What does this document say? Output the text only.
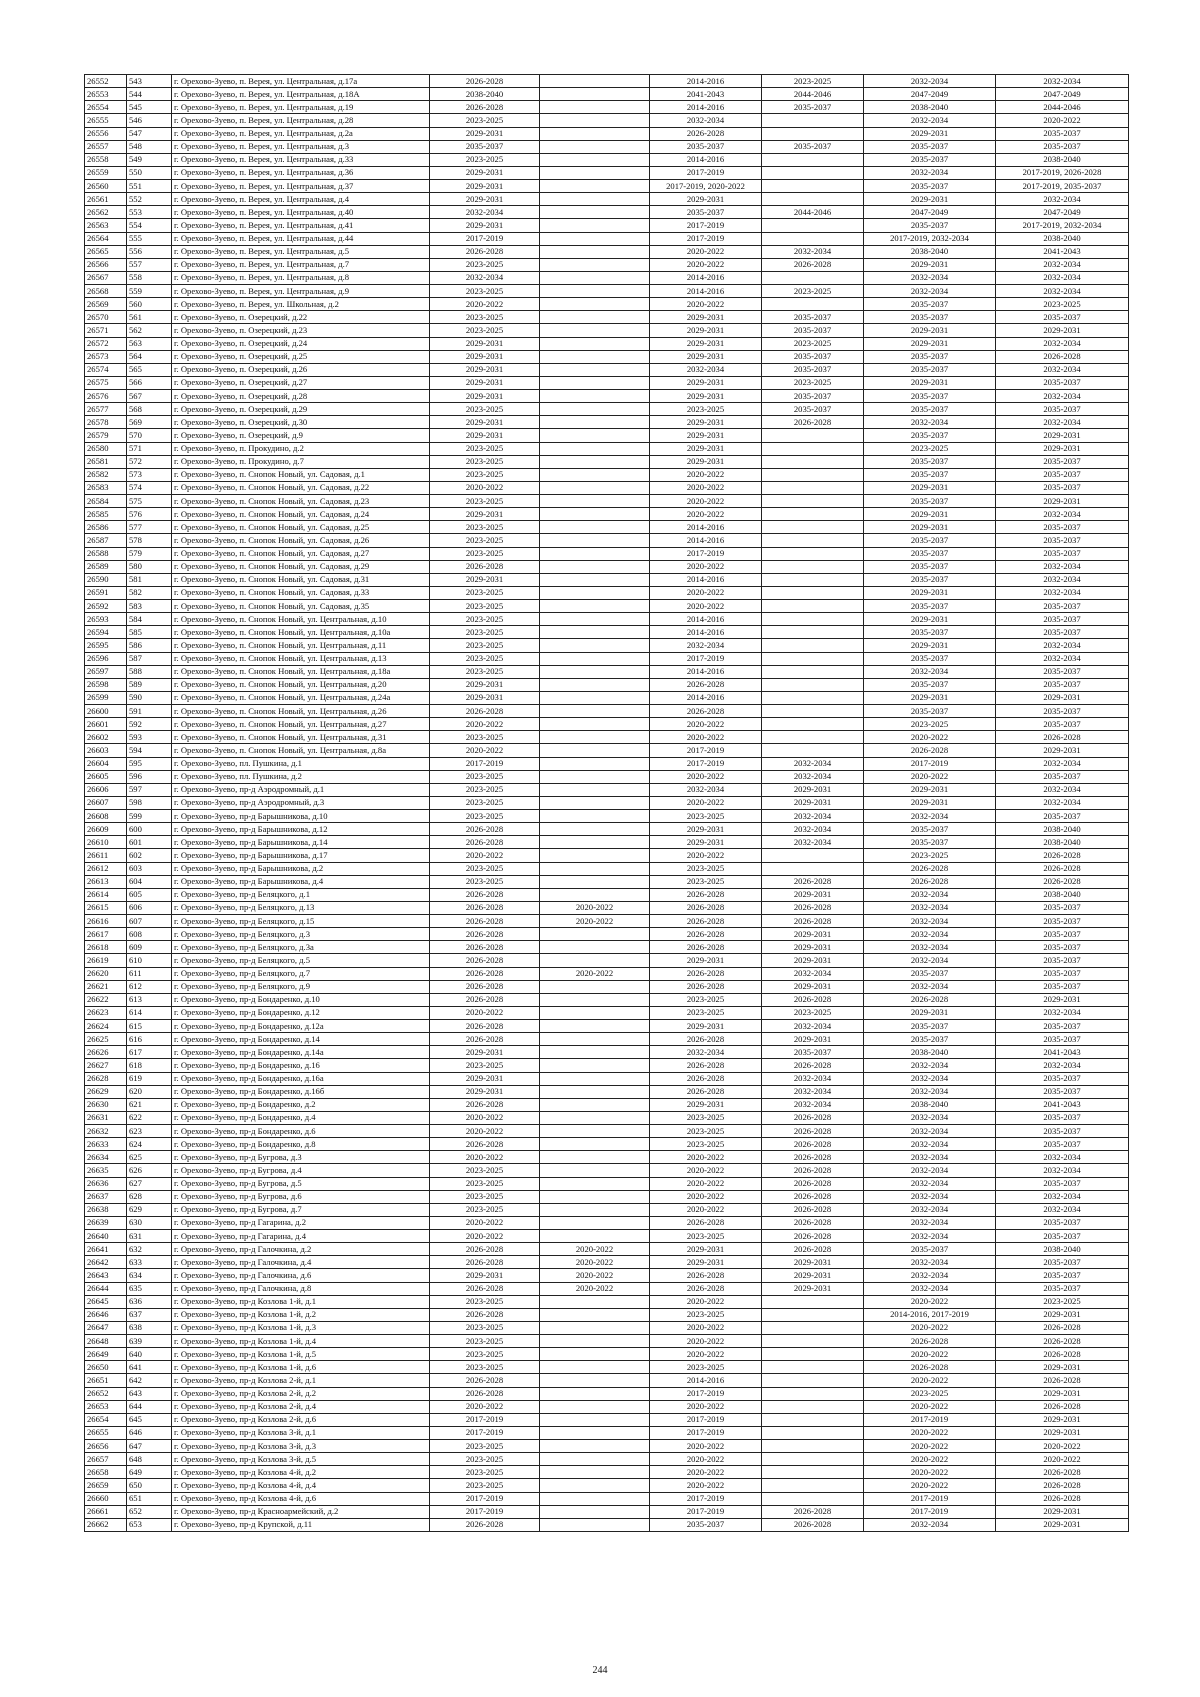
26552	543	г. Орехово-Зуево, п. Верея, ул. Центральная, д.17а	2026-2028		2014-2016	2023-2025	2032-2034	2032-2034
26553	544	г. Орехово-Зуево, п. Верея, ул. Центральная, д.18А	2038-2040		2041-2043	2044-2046	2047-2049	2047-2049
26554	545	г. Орехово-Зуево, п. Верея, ул. Центральная, д.19	2026-2028		2014-2016	2035-2037	2038-2040	2044-2046
26555	546	г. Орехово-Зуево, п. Верея, ул. Центральная, д.28	2023-2025		2032-2034		2032-2034	2020-2022
26556	547	г. Орехово-Зуево, п. Верея, ул. Центральная, д.2а	2029-2031		2026-2028		2029-2031	2035-2037
26557	548	г. Орехово-Зуево, п. Верея, ул. Центральная, д.3	2035-2037		2035-2037	2035-2037	2035-2037	2035-2037
26558	549	г. Орехово-Зуево, п. Верея, ул. Центральная, д.33	2023-2025		2014-2016		2035-2037	2038-2040
26559	550	г. Орехово-Зуево, п. Верея, ул. Центральная, д.36	2029-2031		2017-2019		2032-2034	2017-2019, 2026-2028
26560	551	г. Орехово-Зуево, п. Верея, ул. Центральная, д.37	2029-2031		2017-2019, 2020-2022		2035-2037	2017-2019, 2035-2037
26561	552	г. Орехово-Зуево, п. Верея, ул. Центральная, д.4	2029-2031		2029-2031		2029-2031	2032-2034
26562	553	г. Орехово-Зуево, п. Верея, ул. Центральная, д.40	2032-2034		2035-2037	2044-2046	2047-2049	2047-2049
26563	554	г. Орехово-Зуево, п. Верея, ул. Центральная, д.41	2029-2031		2017-2019		2035-2037	2017-2019, 2032-2034
26564	555	г. Орехово-Зуево, п. Верея, ул. Центральная, д.44	2017-2019		2017-2019		2017-2019, 2032-2034	2038-2040
26565	556	г. Орехово-Зуево, п. Верея, ул. Центральная, д.5	2026-2028		2020-2022	2032-2034	2038-2040	2041-2043
26566	557	г. Орехово-Зуево, п. Верея, ул. Центральная, д.7	2023-2025		2020-2022	2026-2028	2029-2031	2032-2034
26567	558	г. Орехово-Зуево, п. Верея, ул. Центральная, д.8	2032-2034		2014-2016		2032-2034	2032-2034
26568	559	г. Орехово-Зуево, п. Верея, ул. Центральная, д.9	2023-2025		2014-2016	2023-2025	2032-2034	2032-2034
26569	560	г. Орехово-Зуево, п. Верея, ул. Школьная, д.2	2020-2022		2020-2022		2035-2037	2023-2025
26570	561	г. Орехово-Зуево, п. Озерецкий, д.22	2023-2025		2029-2031	2035-2037	2035-2037	2035-2037
26571	562	г. Орехово-Зуево, п. Озерецкий, д.23	2023-2025		2029-2031	2035-2037	2029-2031	2029-2031
26572	563	г. Орехово-Зуево, п. Озерецкий, д.24	2029-2031		2029-2031	2023-2025	2029-2031	2032-2034
26573	564	г. Орехово-Зуево, п. Озерецкий, д.25	2029-2031		2029-2031	2035-2037	2035-2037	2026-2028
26574	565	г. Орехово-Зуево, п. Озерецкий, д.26	2029-2031		2032-2034	2035-2037	2035-2037	2032-2034
26575	566	г. Орехово-Зуево, п. Озерецкий, д.27	2029-2031		2029-2031	2023-2025	2029-2031	2035-2037
26576	567	г. Орехово-Зуево, п. Озерецкий, д.28	2029-2031		2029-2031	2035-2037	2035-2037	2032-2034
26577	568	г. Орехово-Зуево, п. Озерецкий, д.29	2023-2025		2023-2025	2035-2037	2035-2037	2035-2037
26578	569	г. Орехово-Зуево, п. Озерецкий, д.30	2029-2031		2029-2031	2026-2028	2032-2034	2032-2034
26579	570	г. Орехово-Зуево, п. Озерецкий, д.9	2029-2031		2029-2031		2035-2037	2029-2031
26580	571	г. Орехово-Зуево, п. Прокудино, д.2	2023-2025		2029-2031		2023-2025	2029-2031
26581	572	г. Орехово-Зуево, п. Прокудино, д.7	2023-2025		2029-2031		2035-2037	2035-2037
26582	573	г. Орехово-Зуево, п. Снопок Новый, ул. Садовая, д.1	2023-2025		2020-2022		2035-2037	2035-2037
26583	574	г. Орехово-Зуево, п. Снопок Новый, ул. Садовая, д.22	2020-2022		2020-2022		2029-2031	2035-2037
26584	575	г. Орехово-Зуево, п. Снопок Новый, ул. Садовая, д.23	2023-2025		2020-2022		2035-2037	2029-2031
26585	576	г. Орехово-Зуево, п. Снопок Новый, ул. Садовая, д.24	2029-2031		2020-2022		2029-2031	2032-2034
26586	577	г. Орехово-Зуево, п. Снопок Новый, ул. Садовая, д.25	2023-2025		2014-2016		2029-2031	2035-2037
26587	578	г. Орехово-Зуево, п. Снопок Новый, ул. Садовая, д.26	2023-2025		2014-2016		2035-2037	2035-2037
26588	579	г. Орехово-Зуево, п. Снопок Новый, ул. Садовая, д.27	2023-2025		2017-2019		2035-2037	2035-2037
26589	580	г. Орехово-Зуево, п. Снопок Новый, ул. Садовая, д.29	2026-2028		2020-2022		2035-2037	2032-2034
26590	581	г. Орехово-Зуево, п. Снопок Новый, ул. Садовая, д.31	2029-2031		2014-2016		2035-2037	2032-2034
26591	582	г. Орехово-Зуево, п. Снопок Новый, ул. Садовая, д.33	2023-2025		2020-2022		2029-2031	2032-2034
26592	583	г. Орехово-Зуево, п. Снопок Новый, ул. Садовая, д.35	2023-2025		2020-2022		2035-2037	2035-2037
26593	584	г. Орехово-Зуево, п. Снопок Новый, ул. Центральная, д.10	2023-2025		2014-2016		2029-2031	2035-2037
26594	585	г. Орехово-Зуево, п. Снопок Новый, ул. Центральная, д.10а	2023-2025		2014-2016		2035-2037	2035-2037
26595	586	г. Орехово-Зуево, п. Снопок Новый, ул. Центральная, д.11	2023-2025		2032-2034		2029-2031	2032-2034
26596	587	г. Орехово-Зуево, п. Снопок Новый, ул. Центральная, д.13	2023-2025		2017-2019		2035-2037	2032-2034
26597	588	г. Орехово-Зуево, п. Снопок Новый, ул. Центральная, д.18а	2023-2025		2014-2016		2032-2034	2035-2037
26598	589	г. Орехово-Зуево, п. Снопок Новый, ул. Центральная, д.20	2029-2031		2026-2028		2035-2037	2035-2037
26599	590	г. Орехово-Зуево, п. Снопок Новый, ул. Центральная, д.24а	2029-2031		2014-2016		2029-2031	2029-2031
26600	591	г. Орехово-Зуево, п. Снопок Новый, ул. Центральная, д.26	2026-2028		2026-2028		2035-2037	2035-2037
26601	592	г. Орехово-Зуево, п. Снопок Новый, ул. Центральная, д.27	2020-2022		2020-2022		2023-2025	2035-2037
26602	593	г. Орехово-Зуево, п. Снопок Новый, ул. Центральная, д.31	2023-2025		2020-2022		2020-2022	2026-2028
26603	594	г. Орехово-Зуево, п. Снопок Новый, ул. Центральная, д.8а	2020-2022		2017-2019		2026-2028	2029-2031
26604	595	г. Орехово-Зуево, пл. Пушкина, д.1	2017-2019		2017-2019	2032-2034	2017-2019	2032-2034
26605	596	г. Орехово-Зуево, пл. Пушкина, д.2	2023-2025		2020-2022	2032-2034	2020-2022	2035-2037
26606	597	г. Орехово-Зуево, пр-д Аэродромный, д.1	2023-2025		2032-2034	2029-2031	2029-2031	2032-2034
26607	598	г. Орехово-Зуево, пр-д Аэродромный, д.3	2023-2025		2020-2022	2029-2031	2029-2031	2032-2034
26608	599	г. Орехово-Зуево, пр-д Барышникова, д.10	2023-2025		2023-2025	2032-2034	2032-2034	2035-2037
26609	600	г. Орехово-Зуево, пр-д Барышникова, д.12	2026-2028		2029-2031	2032-2034	2035-2037	2038-2040
26610	601	г. Орехово-Зуево, пр-д Барышникова, д.14	2026-2028		2029-2031	2032-2034	2035-2037	2038-2040
26611	602	г. Орехово-Зуево, пр-д Барышникова, д.17	2020-2022		2020-2022		2023-2025	2026-2028
26612	603	г. Орехово-Зуево, пр-д Барышникова, д.2	2023-2025		2023-2025		2026-2028	2026-2028
26613	604	г. Орехово-Зуево, пр-д Барышникова, д.4	2023-2025		2023-2025	2026-2028	2026-2028	2026-2028
26614	605	г. Орехово-Зуево, пр-д Беляцкого, д.1	2026-2028		2026-2028	2029-2031	2032-2034	2038-2040
26615	606	г. Орехово-Зуево, пр-д Беляцкого, д.13	2026-2028	2020-2022	2026-2028	2026-2028	2032-2034	2035-2037
26616	607	г. Орехово-Зуево, пр-д Беляцкого, д.15	2026-2028	2020-2022	2026-2028	2026-2028	2032-2034	2035-2037
26617	608	г. Орехово-Зуево, пр-д Беляцкого, д.3	2026-2028		2026-2028	2029-2031	2032-2034	2035-2037
26618	609	г. Орехово-Зуево, пр-д Беляцкого, д.3а	2026-2028		2026-2028	2029-2031	2032-2034	2035-2037
26619	610	г. Орехово-Зуево, пр-д Беляцкого, д.5	2026-2028		2029-2031	2029-2031	2032-2034	2035-2037
26620	611	г. Орехово-Зуево, пр-д Беляцкого, д.7	2026-2028	2020-2022	2026-2028	2032-2034	2035-2037	2035-2037
26621	612	г. Орехово-Зуево, пр-д Беляцкого, д.9	2026-2028		2026-2028	2029-2031	2032-2034	2035-2037
26622	613	г. Орехово-Зуево, пр-д Бондаренко, д.10	2026-2028		2023-2025	2026-2028	2026-2028	2029-2031
26623	614	г. Орехово-Зуево, пр-д Бондаренко, д.12	2020-2022		2023-2025	2023-2025	2029-2031	2032-2034
26624	615	г. Орехово-Зуево, пр-д Бондаренко, д.12а	2026-2028		2029-2031	2032-2034	2035-2037	2035-2037
26625	616	г. Орехово-Зуево, пр-д Бондаренко, д.14	2026-2028		2026-2028	2029-2031	2035-2037	2035-2037
26626	617	г. Орехово-Зуево, пр-д Бондаренко, д.14а	2029-2031		2032-2034	2035-2037	2038-2040	2041-2043
26627	618	г. Орехово-Зуево, пр-д Бондаренко, д.16	2023-2025		2026-2028	2026-2028	2032-2034	2032-2034
26628	619	г. Орехово-Зуево, пр-д Бондаренко, д.16а	2029-2031		2026-2028	2032-2034	2032-2034	2035-2037
26629	620	г. Орехово-Зуево, пр-д Бондаренко, д.16б	2029-2031		2026-2028	2032-2034	2032-2034	2035-2037
26630	621	г. Орехово-Зуево, пр-д Бондаренко, д.2	2026-2028		2029-2031	2032-2034	2038-2040	2041-2043
26631	622	г. Орехово-Зуево, пр-д Бондаренко, д.4	2020-2022		2023-2025	2026-2028	2032-2034	2035-2037
26632	623	г. Орехово-Зуево, пр-д Бондаренко, д.6	2020-2022		2023-2025	2026-2028	2032-2034	2035-2037
26633	624	г. Орехово-Зуево, пр-д Бондаренко, д.8	2026-2028		2023-2025	2026-2028	2032-2034	2035-2037
26634	625	г. Орехово-Зуево, пр-д Бугрова, д.3	2020-2022		2020-2022	2026-2028	2032-2034	2032-2034
26635	626	г. Орехово-Зуево, пр-д Бугрова, д.4	2023-2025		2020-2022	2026-2028	2032-2034	2032-2034
26636	627	г. Орехово-Зуево, пр-д Бугрова, д.5	2023-2025		2020-2022	2026-2028	2032-2034	2035-2037
26637	628	г. Орехово-Зуево, пр-д Бугрова, д.6	2023-2025		2020-2022	2026-2028	2032-2034	2032-2034
26638	629	г. Орехово-Зуево, пр-д Бугрова, д.7	2023-2025		2020-2022	2026-2028	2032-2034	2032-2034
26639	630	г. Орехово-Зуево, пр-д Гагарина, д.2	2020-2022		2026-2028	2026-2028	2032-2034	2035-2037
26640	631	г. Орехово-Зуево, пр-д Гагарина, д.4	2020-2022		2023-2025	2026-2028	2032-2034	2035-2037
26641	632	г. Орехово-Зуево, пр-д Галочкина, д.2	2026-2028	2020-2022	2029-2031	2026-2028	2035-2037	2038-2040
26642	633	г. Орехово-Зуево, пр-д Галочкина, д.4	2026-2028	2020-2022	2029-2031	2029-2031	2032-2034	2035-2037
26643	634	г. Орехово-Зуево, пр-д Галочкина, д.6	2029-2031	2020-2022	2026-2028	2029-2031	2032-2034	2035-2037
26644	635	г. Орехово-Зуево, пр-д Галочкина, д.8	2026-2028	2020-2022	2026-2028	2029-2031	2032-2034	2035-2037
26645	636	г. Орехово-Зуево, пр-д Козлова 1-й, д.1	2023-2025		2020-2022		2020-2022	2023-2025
26646	637	г. Орехово-Зуево, пр-д Козлова 1-й, д.2	2026-2028		2023-2025		2014-2016, 2017-2019	2029-2031
26647	638	г. Орехово-Зуево, пр-д Козлова 1-й, д.3	2023-2025		2020-2022		2020-2022	2026-2028
26648	639	г. Орехово-Зуево, пр-д Козлова 1-й, д.4	2023-2025		2020-2022		2026-2028	2026-2028
26649	640	г. Орехово-Зуево, пр-д Козлова 1-й, д.5	2023-2025		2020-2022		2020-2022	2026-2028
26650	641	г. Орехово-Зуево, пр-д Козлова 1-й, д.6	2023-2025		2023-2025		2026-2028	2029-2031
26651	642	г. Орехово-Зуево, пр-д Козлова 2-й, д.1	2026-2028		2014-2016		2020-2022	2026-2028
26652	643	г. Орехово-Зуево, пр-д Козлова 2-й, д.2	2026-2028		2017-2019		2023-2025	2029-2031
26653	644	г. Орехово-Зуево, пр-д Козлова 2-й, д.4	2020-2022		2020-2022		2020-2022	2026-2028
26654	645	г. Орехово-Зуево, пр-д Козлова 2-й, д.6	2017-2019		2017-2019		2017-2019	2029-2031
26655	646	г. Орехово-Зуево, пр-д Козлова 3-й, д.1	2017-2019		2017-2019		2020-2022	2029-2031
26656	647	г. Орехово-Зуево, пр-д Козлова 3-й, д.3	2023-2025		2020-2022		2020-2022	2020-2022
26657	648	г. Орехово-Зуево, пр-д Козлова 3-й, д.5	2023-2025		2020-2022		2020-2022	2020-2022
26658	649	г. Орехово-Зуево, пр-д Козлова 4-й, д.2	2023-2025		2020-2022		2020-2022	2026-2028
26659	650	г. Орехово-Зуево, пр-д Козлова 4-й, д.4	2023-2025		2020-2022		2020-2022	2026-2028
26660	651	г. Орехово-Зуево, пр-д Козлова 4-й, д.6	2017-2019		2017-2019		2017-2019	2026-2028
26661	652	г. Орехово-Зуево, пр-д Красноармейский, д.2	2017-2019		2017-2019	2026-2028	2017-2019	2029-2031
26662	653	г. Орехово-Зуево, пр-д Крупской, д.11	2026-2028		2035-2037	2026-2028	2032-2034	2029-2031
244
